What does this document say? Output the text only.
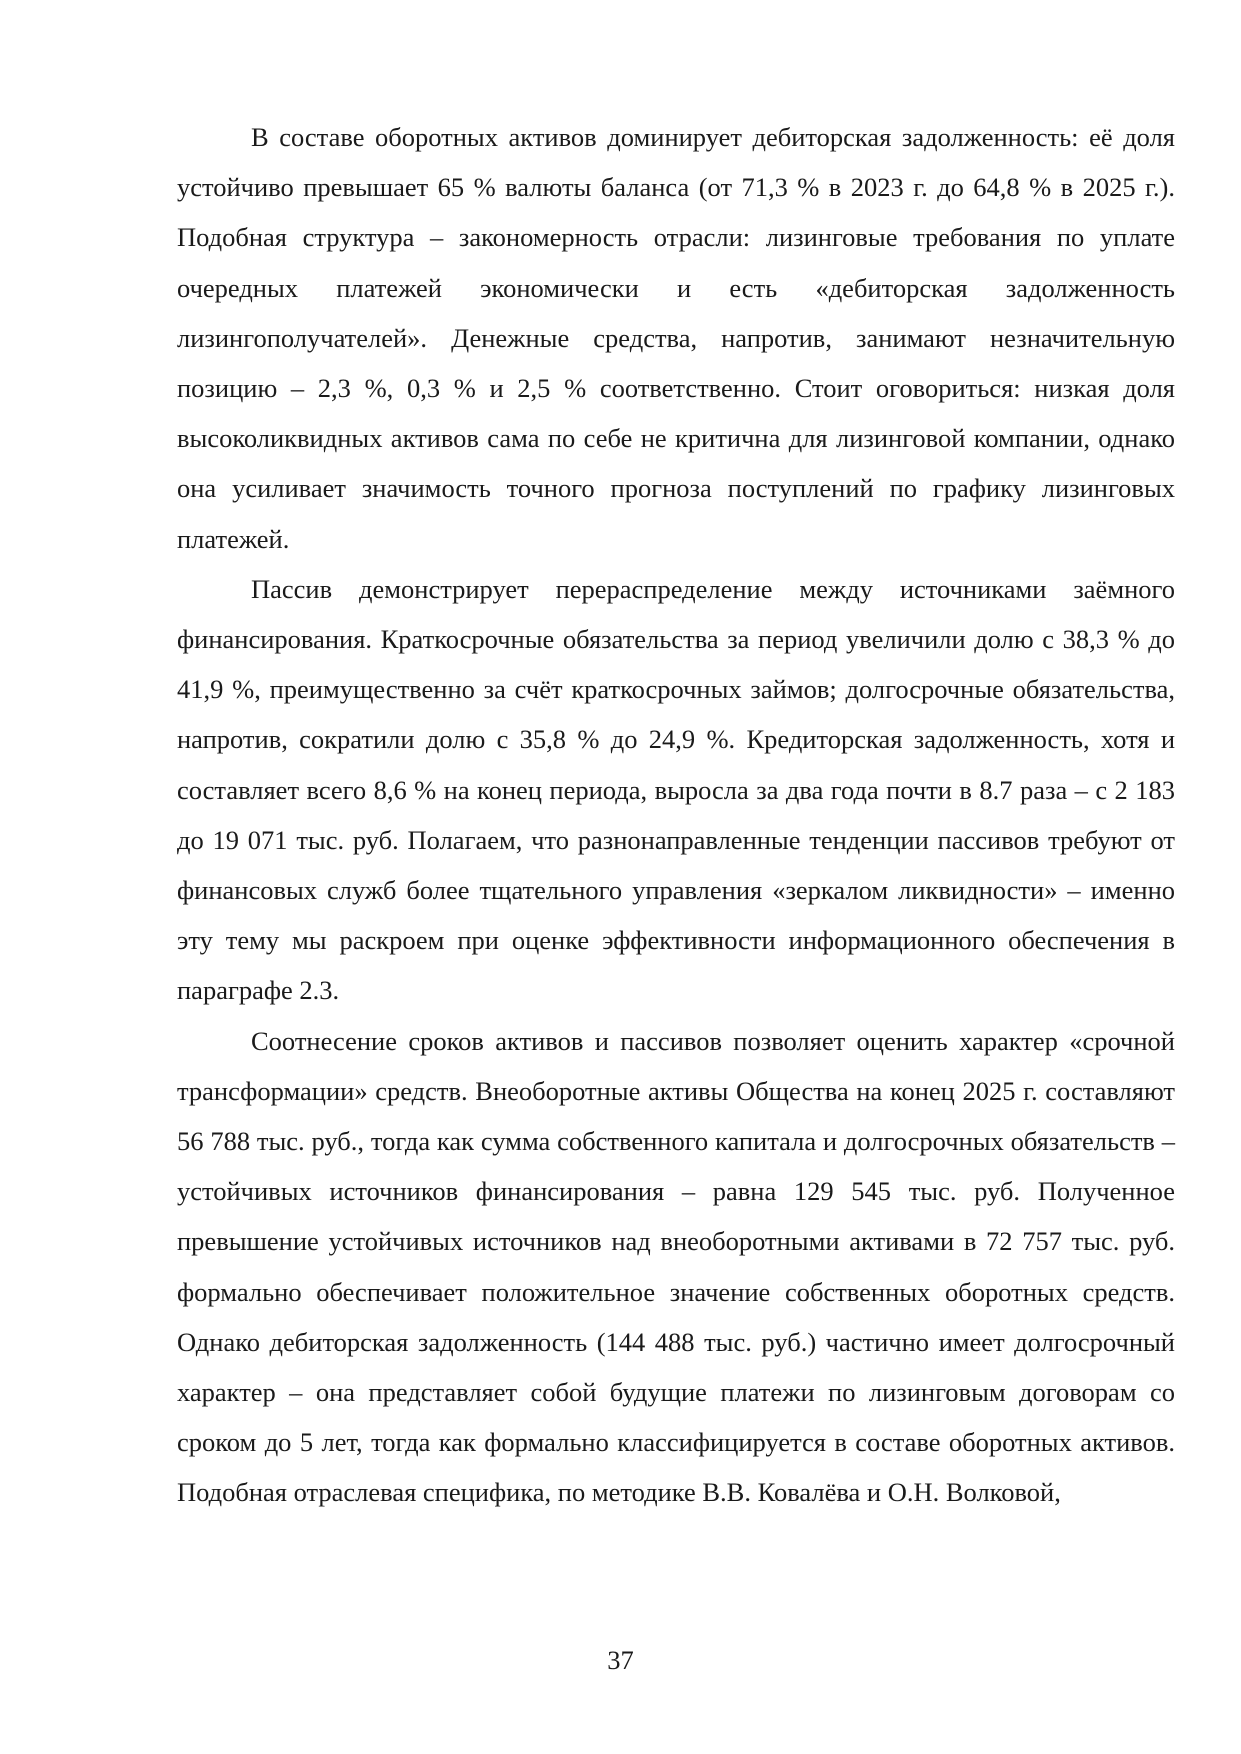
В составе оборотных активов доминирует дебиторская задолженность: её доля устойчиво превышает 65 % валюты баланса (от 71,3 % в 2023 г. до 64,8 % в 2025 г.). Подобная структура – закономерность отрасли: лизинговые требования по уплате очередных платежей экономически и есть «дебиторская задолженность лизингополучателей». Денежные средства, напротив, занимают незначительную позицию – 2,3 %, 0,3 % и 2,5 % соответственно. Стоит оговориться: низкая доля высоколиквидных активов сама по себе не критична для лизинговой компании, однако она усиливает значимость точного прогноза поступлений по графику лизинговых платежей.

Пассив демонстрирует перераспределение между источниками заёмного финансирования. Краткосрочные обязательства за период увеличили долю с 38,3 % до 41,9 %, преимущественно за счёт краткосрочных займов; долгосрочные обязательства, напротив, сократили долю с 35,8 % до 24,9 %. Кредиторская задолженность, хотя и составляет всего 8,6 % на конец периода, выросла за два года почти в 8.7 раза – с 2 183 до 19 071 тыс. руб. Полагаем, что разнонаправленные тенденции пассивов требуют от финансовых служб более тщательного управления «зеркалом ликвидности» – именно эту тему мы раскроем при оценке эффективности информационного обеспечения в параграфе 2.3.

Соотнесение сроков активов и пассивов позволяет оценить характер «срочной трансформации» средств. Внеоборотные активы Общества на конец 2025 г. составляют 56 788 тыс. руб., тогда как сумма собственного капитала и долгосрочных обязательств – устойчивых источников финансирования – равна 129 545 тыс. руб. Полученное превышение устойчивых источников над внеоборотными активами в 72 757 тыс. руб. формально обеспечивает положительное значение собственных оборотных средств. Однако дебиторская задолженность (144 488 тыс. руб.) частично имеет долгосрочный характер – она представляет собой будущие платежи по лизинговым договорам со сроком до 5 лет, тогда как формально классифицируется в составе оборотных активов. Подобная отраслевая специфика, по методике В.В. Ковалёва и О.Н. Волковой,

37
